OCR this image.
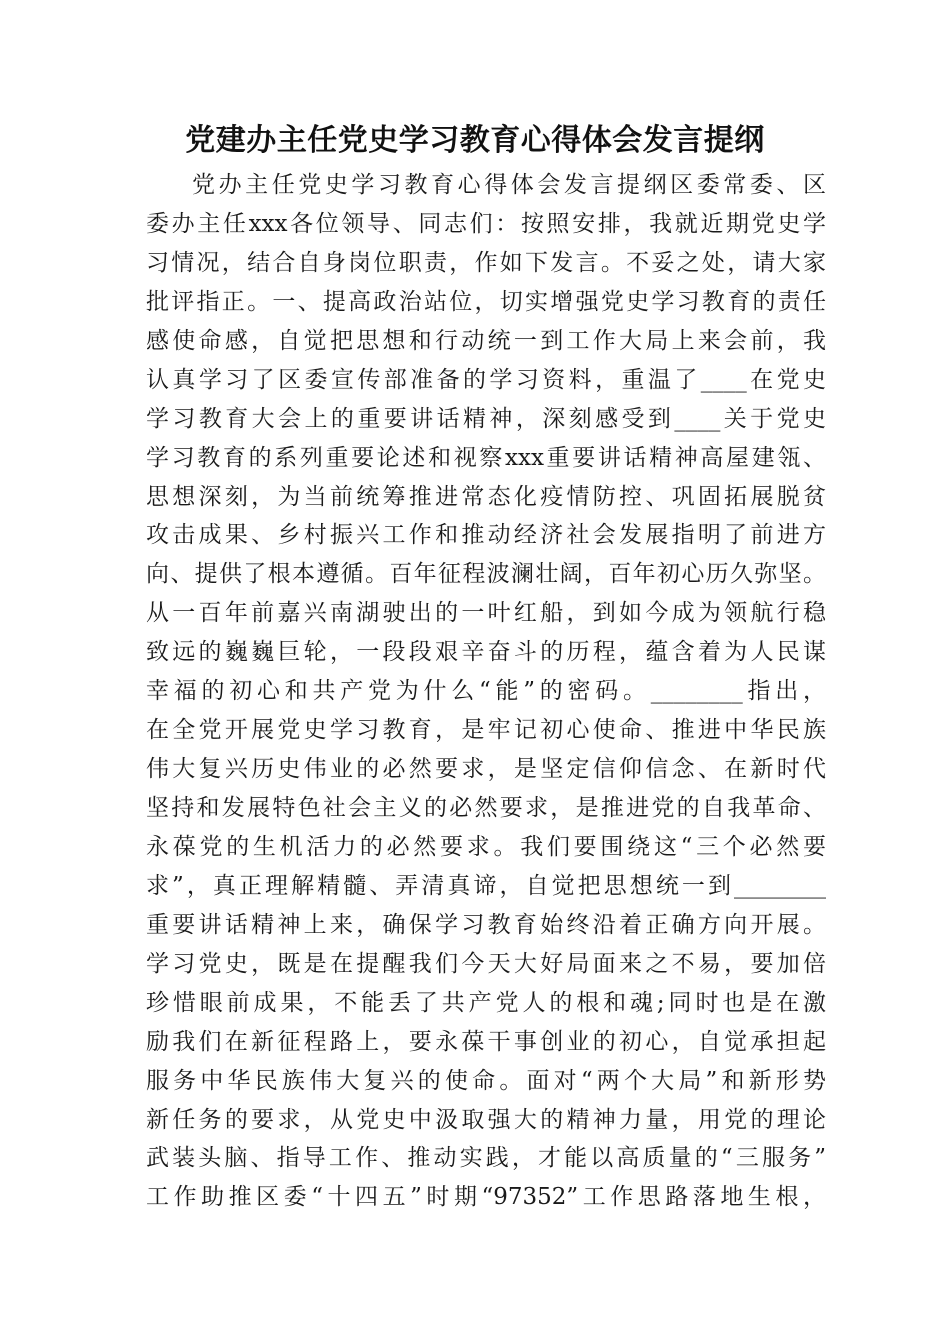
党建办主任党史学习教育心得体会发言提纲
党办主任党史学习教育心得体会发言提纲区委常委、区
委办主任xxx各位领导、同志们：按照安排，我就近期党史学
习情况，结合自身岗位职责，作如下发言。不妥之处，请大家
批评指正。一、提高政治站位，切实增强党史学习教育的责任
感使命感，自觉把思想和行动统一到工作大局上来会前，我
认真学习了区委宣传部准备的学习资料，重温了____在党史
学习教育大会上的重要讲话精神，深刻感受到____关于党史
学习教育的系列重要论述和视察xxx重要讲话精神高屋建瓴、
思想深刻，为当前统筹推进常态化疫情防控、巩固拓展脱贫
攻击成果、乡村振兴工作和推动经济社会发展指明了前进方
向、提供了根本遵循。百年征程波澜壮阔，百年初心历久弥坚。
从一百年前嘉兴南湖驶出的一叶红船，到如今成为领航行稳
致远的巍巍巨轮，一段段艰辛奋斗的历程，蕴含着为人民谋
幸福的初心和共产党为什么“能”的密码。________指出，
在全党开展党史学习教育，是牢记初心使命、推进中华民族
伟大复兴历史伟业的必然要求，是坚定信仰信念、在新时代
坚持和发展特色社会主义的必然要求，是推进党的自我革命、
永葆党的生机活力的必然要求。我们要围绕这“三个必然要
求”，真正理解精髓、弄清真谛，自觉把思想统一到________
重要讲话精神上来，确保学习教育始终沿着正确方向开展。
学习党史，既是在提醒我们今天大好局面来之不易，要加倍
珍惜眼前成果，不能丢了共产党人的根和魂;同时也是在激
励我们在新征程路上，要永葆干事创业的初心，自觉承担起
服务中华民族伟大复兴的使命。面对“两个大局”和新形势
新任务的要求，从党史中汲取强大的精神力量，用党的理论
武装头脑、指导工作、推动实践，才能以高质量的“三服务”
工作助推区委“十四五”时期“97352”工作思路落地生根，
